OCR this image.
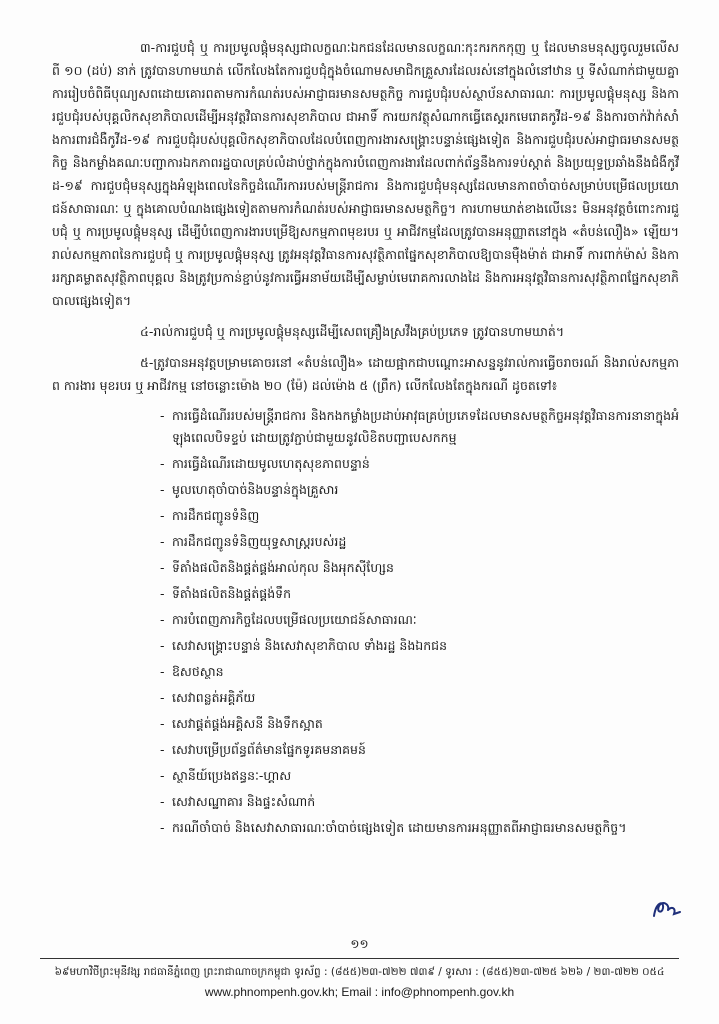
៣-ការជួបជុំ ឬ ការប្រមូលផ្តុំមនុស្សជាលក្ខណៈឯកជនដែលមានលក្ខណៈកុះករកកកុញ ឬ ដែលមានមនុស្សចូលរួមលើសពី ១០ (ដប់) នាក់ ត្រូវបានហាមឃាត់ លើកលែងតែការជួបជុំក្នុងចំណោមសមាជិកគ្រួសារដែលរស់នៅក្នុងលំនៅឋាន ឬ ទីសំណាក់ជាមួយគ្នា ការរៀបចំពិធីបុណ្យសពដោយគោរពតាមការកំណត់របស់អាជ្ញាធរមានសមត្ថកិច្ច ការជួបជុំរបស់ស្ថាប័នសាធារណៈ ការប្រមូលផ្តុំមនុស្ស និងការជួបជុំរបស់បុគ្គលិកសុខាភិបាលដើម្បីអនុវត្តវិធានការសុខាភិបាល ជាអាទិ៍ ការយកវត្ថុសំណាកធ្វើតេស្តរកមេរោគកូវីដ-១៩ និងការចាក់វ៉ាក់សាំងការពារជំងឺកូវីដ-១៩ ការជួបជុំរបស់បុគ្គលិកសុខាភិបាលដែលបំពេញការងារសង្គ្រោះបន្ទាន់ផ្សេងទៀត និងការជួបជុំរបស់អាជ្ញាធរមានសមត្ថកិច្ច និងកម្លាំងគណៈបញ្ជាការឯកភាពរដ្ឋបាលគ្រប់លំដាប់ថ្នាក់ក្នុងការបំពេញការងារដែលពាក់ព័ន្ធនឹងការទប់ស្កាត់ និងប្រយុទ្ធប្រឆាំងនឹងជំងឺកូវីដ-១៩ ការជួបជុំមនុស្សក្នុងអំឡុងពេលនៃកិច្ចដំណើរការរបស់មន្ត្រីរាជការ និងការជួបជុំមនុស្សដែលមានភាពចាំបាច់សម្រាប់បម្រើផលប្រយោជន៍សាធារណៈ ឬ ក្នុងគោលបំណងផ្សេងទៀតតាមការកំណត់របស់អាជ្ញាធរមានសមត្ថកិច្ច។ ការហាមឃាត់ខាងលើនេះ មិនអនុវត្តចំពោះការជួបជុំ ឬ ការប្រមូលផ្តុំមនុស្ស ដើម្បីបំពេញការងារបម្រើឱ្យសកម្មភាពមុខរបរ ឬ អាជីវកម្មដែលត្រូវបានអនុញ្ញាតនៅក្នុង «តំបន់លឿង» ឡើយ។ រាល់សកម្មភាពនៃការជួបជុំ ឬ ការប្រមូលផ្តុំមនុស្ស ត្រូវអនុវត្តវិធានការសុវត្ថិភាពផ្នែកសុខាភិបាលឱ្យបានម៉ឺងម៉ាត់ ជាអាទិ៍ ការពាក់ម៉ាស់ និងការរក្សាគម្លាតសុវត្ថិភាពបុគ្គល និងត្រូវប្រកាន់ខ្ជាប់នូវការធ្វើអនាម័យដើម្បីសម្លាប់មេរោគការលាងដៃ និងការអនុវត្តវិធានការសុវត្ថិភាពផ្នែកសុខាភិបាលផ្សេងទៀត។

៤-រាល់ការជួបជុំ ឬ ការប្រមូលផ្តុំមនុស្សដើម្បីសេពគ្រឿងស្រវឹងគ្រប់ប្រភេទ ត្រូវបានហាមឃាត់។

៥-ត្រូវបានអនុវត្តបម្រាមគោចរនៅ «តំបន់លឿង» ដោយផ្អាកជាបណ្តោះអាសន្ននូវរាល់ការធ្វើចរាចរណ៍ និងរាល់សកម្មភាព ការងារ មុខរបរ ឬ អាជីវកម្ម នៅចន្លោះម៉ោង ២០ (ម៉ែ) ដល់ម៉ោង ៥ (ព្រឹក) លើកលែងតែក្នុងករណី ដូចតទៅ៖

- ការធ្វើដំណើររបស់មន្ត្រីរាជការ និងកងកម្លាំងប្រដាប់អាវុធគ្រប់ប្រភេទដែលមានសមត្ថកិច្ចអនុវត្តវិធានការនានាក្នុងអំឡុងពេលបិទខ្ទប់ ដោយត្រូវភ្ជាប់ជាមួយនូវលិខិតបញ្ជាបេសកកម្ម
- ការធ្វើដំណើរដោយមូលហេតុសុខភាពបន្ទាន់
- មូលហេតុចាំបាច់និងបន្ទាន់ក្នុងគ្រួសារ
- ការដឹកជញ្ជូនទំនិញ
- ការដឹកជញ្ជូនទំនិញយុទ្ធសាស្ត្ររបស់រដ្ឋ
- ទីតាំងផលិតនិងផ្គត់ផ្គង់អាល់កុល និងអុកស៊ីហ្សែន
- ទីតាំងផលិតនិងផ្គត់ផ្គង់ទឹក
- ការបំពេញភារកិច្ចដែលបម្រើផលប្រយោជន៍សាធារណៈ
- សេវាសង្គ្រោះបន្ទាន់ និងសេវាសុខាភិបាល ទាំងរដ្ឋ និងឯកជន
- ឱសថស្ថាន
- សេវាពន្លត់អគ្គិភ័យ
- សេវាផ្គត់ផ្គង់អគ្គិសនី និងទឹកស្អាត
- សេវាបម្រើប្រព័ន្ធព័ត៌មានផ្នែកទូរគមនាគមន៍
- ស្ថានីយ៍ប្រេងឥន្ធនៈ-ហ្គាស
- សេវាសណ្ឋាគារ និងផ្ទះសំណាក់
- ករណីចាំបាច់ និងសេវាសាធារណៈចាំបាច់ផ្សេងទៀត ដោយមានការអនុញ្ញាតពីអាជ្ញាធរមានសមត្ថកិច្ច។
១១
៦៩មហាវិថីព្រះមុនីវង្ស រាជធានីភ្នំពេញ ព្រះរាជាណាចក្រកម្ពុជា ទូរស័ព្ទ : (៨៥៥)២៣-៧២២ ៧៣៩ / ទូរសារ : (៨៥៥)២៣-៧២៥ ៦២៦ / ២៣-៧២២ ០៥៤
www.phnompenh.gov.kh; Email : info@phnompenh.gov.kh
